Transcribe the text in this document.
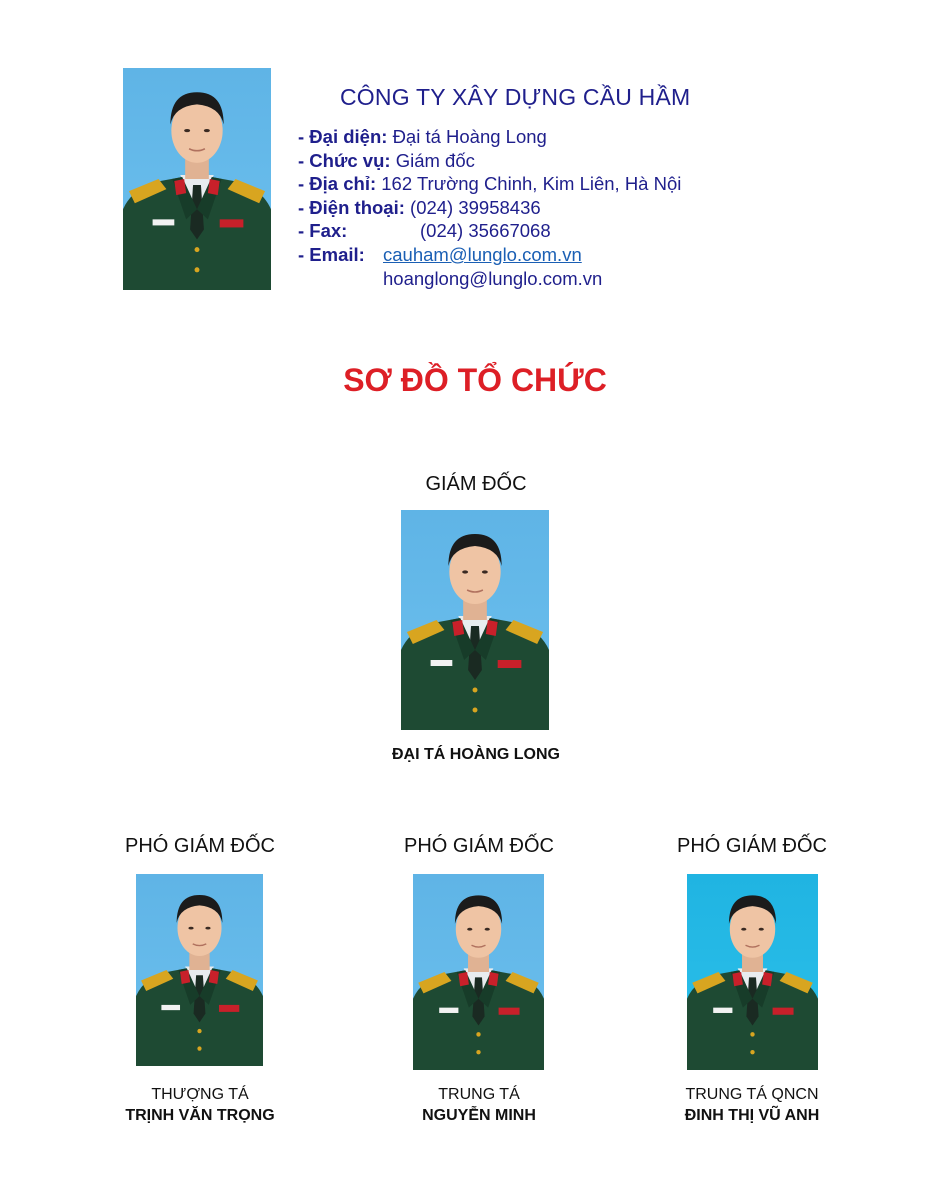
CÔNG TY XÂY DỰNG CẦU HẦM
- Đại diện: Đại tá Hoàng Long
- Chức vụ: Giám đốc
- Địa chỉ: 162 Trường Chinh, Kim Liên, Hà Nội
- Điện thoại: (024) 39958436
- Fax:	(024) 35667068
- Email: cauham@lunglo.com.vn
hoanglong@lunglo.com.vn
SƠ ĐỒ TỔ CHỨC
GIÁM ĐỐC
ĐẠI TÁ HOÀNG LONG
PHÓ GIÁM ĐỐC
THƯỢNG TÁ
TRỊNH VĂN TRỌNG
PHÓ GIÁM ĐỐC
TRUNG TÁ
NGUYỄN MINH
PHÓ GIÁM ĐỐC
TRUNG TÁ QNCN
ĐINH THỊ VŨ ANH
